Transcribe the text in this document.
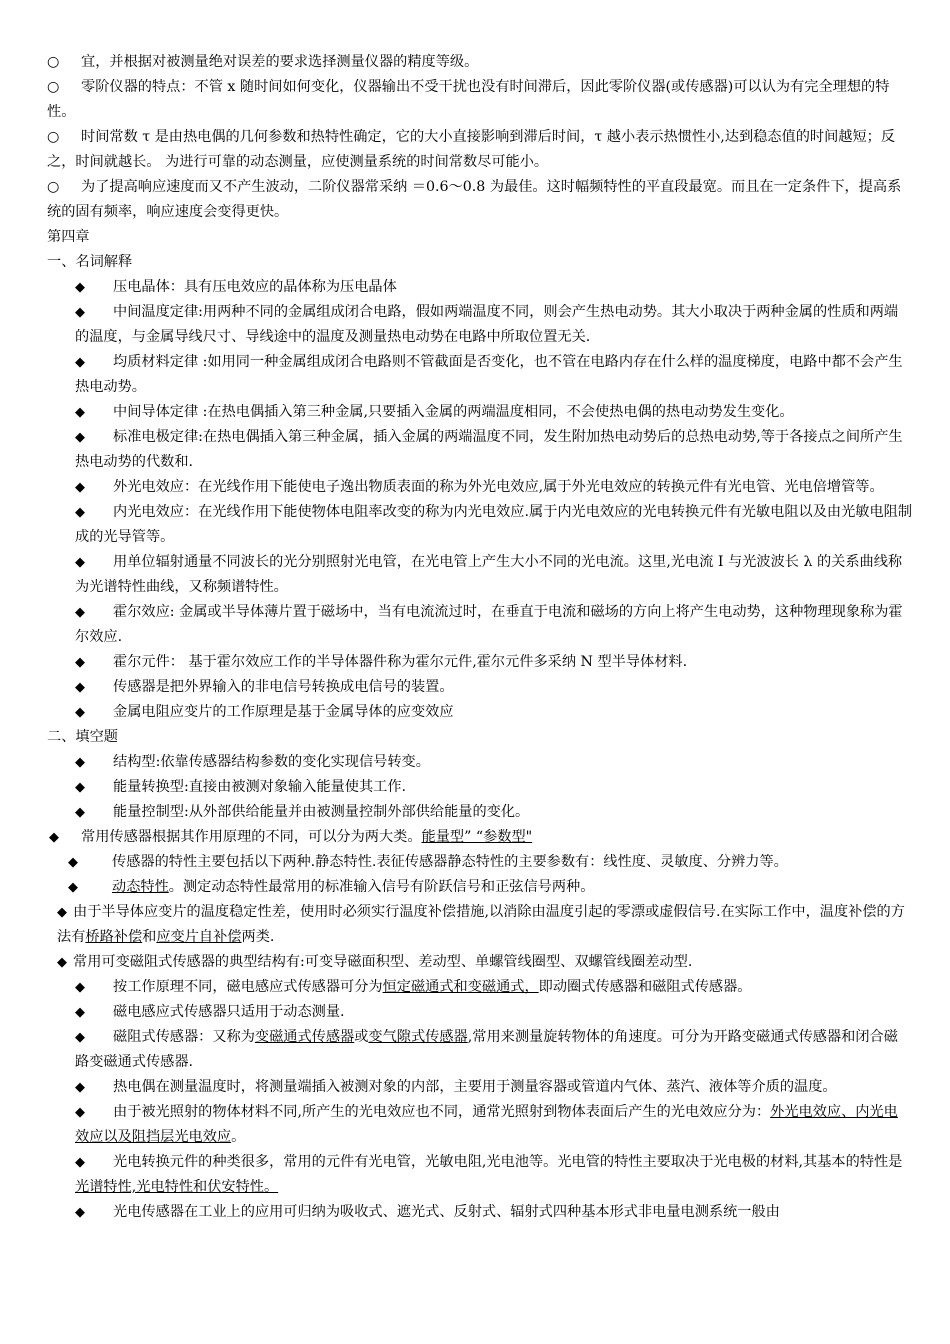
○ 宜，并根据对被测量绝对误差的要求选择测量仪器的精度等级。
○ 零阶仪器的特点：不管 x 随时间如何变化，仪器输出不受干扰也没有时间滞后，因此零阶仪器(或传感器)可以认为有完全理想的特性。
○ 时间常数 τ 是由热电偶的几何参数和热特性确定，它的大小直接影响到滞后时间，τ 越小表示热惯性小,达到稳态值的时间越短；反之，时间就越长。 为进行可靠的动态测量，应使测量系统的时间常数尽可能小。
○ 为了提高响应速度而又不产生波动，二阶仪器常采纳 ＝0.6～0.8 为最佳。这时幅频特性的平直段最宽。而且在一定条件下，提高系统的固有频率，响应速度会变得更快。
第四章
一、名词解释
◆ 压电晶体：具有压电效应的晶体称为压电晶体
◆ 中间温度定律:用两种不同的金属组成闭合电路，假如两端温度不同，则会产生热电动势。其大小取决于两种金属的性质和两端的温度，与金属导线尺寸、导线途中的温度及测量热电动势在电路中所取位置无关.
◆ 均质材料定律 :如用同一种金属组成闭合电路则不管截面是否变化，也不管在电路内存在什么样的温度梯度，电路中都不会产生热电动势。
◆ 中间导体定律 :在热电偶插入第三种金属,只要插入金属的两端温度相同，不会使热电偶的热电动势发生变化。
◆ 标准电极定律:在热电偶插入第三种金属，插入金属的两端温度不同，发生附加热电动势后的总热电动势,等于各接点之间所产生热电动势的代数和.
◆ 外光电效应：在光线作用下能使电子逸出物质表面的称为外光电效应,属于外光电效应的转换元件有光电管、光电倍增管等。
◆ 内光电效应：在光线作用下能使物体电阻率改变的称为内光电效应.属于内光电效应的光电转换元件有光敏电阻以及由光敏电阻制成的光导管等。
◆ 用单位辐射通量不同波长的光分别照射光电管，在光电管上产生大小不同的光电流。这里,光电流 I 与光波波长 λ 的关系曲线称为光谱特性曲线，又称频谱特性。
◆ 霍尔效应: 金属或半导体薄片置于磁场中，当有电流流过时，在垂直于电流和磁场的方向上将产生电动势，这种物理现象称为霍尔效应.
◆ 霍尔元件： 基于霍尔效应工作的半导体器件称为霍尔元件,霍尔元件多采纳 N 型半导体材料.
◆ 传感器是把外界输入的非电信号转换成电信号的装置。
◆ 金属电阻应变片的工作原理是基于金属导体的应变效应
二、填空题
◆ 结构型:依靠传感器结构参数的变化实现信号转变。
◆ 能量转换型:直接由被测对象输入能量使其工作.
◆ 能量控制型:从外部供给能量并由被测量控制外部供给能量的变化。
◆ 常用传感器根据其作用原理的不同，可以分为两大类。能量型” “参数型"
◆ 传感器的特性主要包括以下两种.静态特性.表征传感器静态特性的主要参数有：线性度、灵敏度、分辨力等。
◆ 动态特性。测定动态特性最常用的标准输入信号有阶跃信号和正弦信号两种。
◆ 由于半导体应变片的温度稳定性差，使用时必须实行温度补偿措施,以消除由温度引起的零漂或虚假信号.在实际工作中，温度补偿的方法有桥路补偿和应变片自补偿两类.
◆ 常用可变磁阻式传感器的典型结构有:可变导磁面积型、差动型、单螺管线圈型、双螺管线圈差动型.
◆ 按工作原理不同，磁电感应式传感器可分为恒定磁通式和变磁通式，即动圈式传感器和磁阻式传感器。
◆ 磁电感应式传感器只适用于动态测量.
◆ 磁阻式传感器：又称为变磁通式传感器或变气隙式传感器,常用来测量旋转物体的角速度。可分为开路变磁通式传感器和闭合磁路变磁通式传感器.
◆ 热电偶在测量温度时，将测量端插入被测对象的内部，主要用于测量容器或管道内气体、蒸汽、液体等介质的温度。
◆ 由于被光照射的物体材料不同,所产生的光电效应也不同，通常光照射到物体表面后产生的光电效应分为：外光电效应、内光电效应以及阻挡层光电效应。
◆ 光电转换元件的种类很多，常用的元件有光电管，光敏电阻,光电池等。光电管的特性主要取决于光电极的材料,其基本的特性是光谱特性,光电特性和伏安特性。
◆ 光电传感器在工业上的应用可归纳为吸收式、遮光式、反射式、辐射式四种基本形式非电量电测系统一般由
